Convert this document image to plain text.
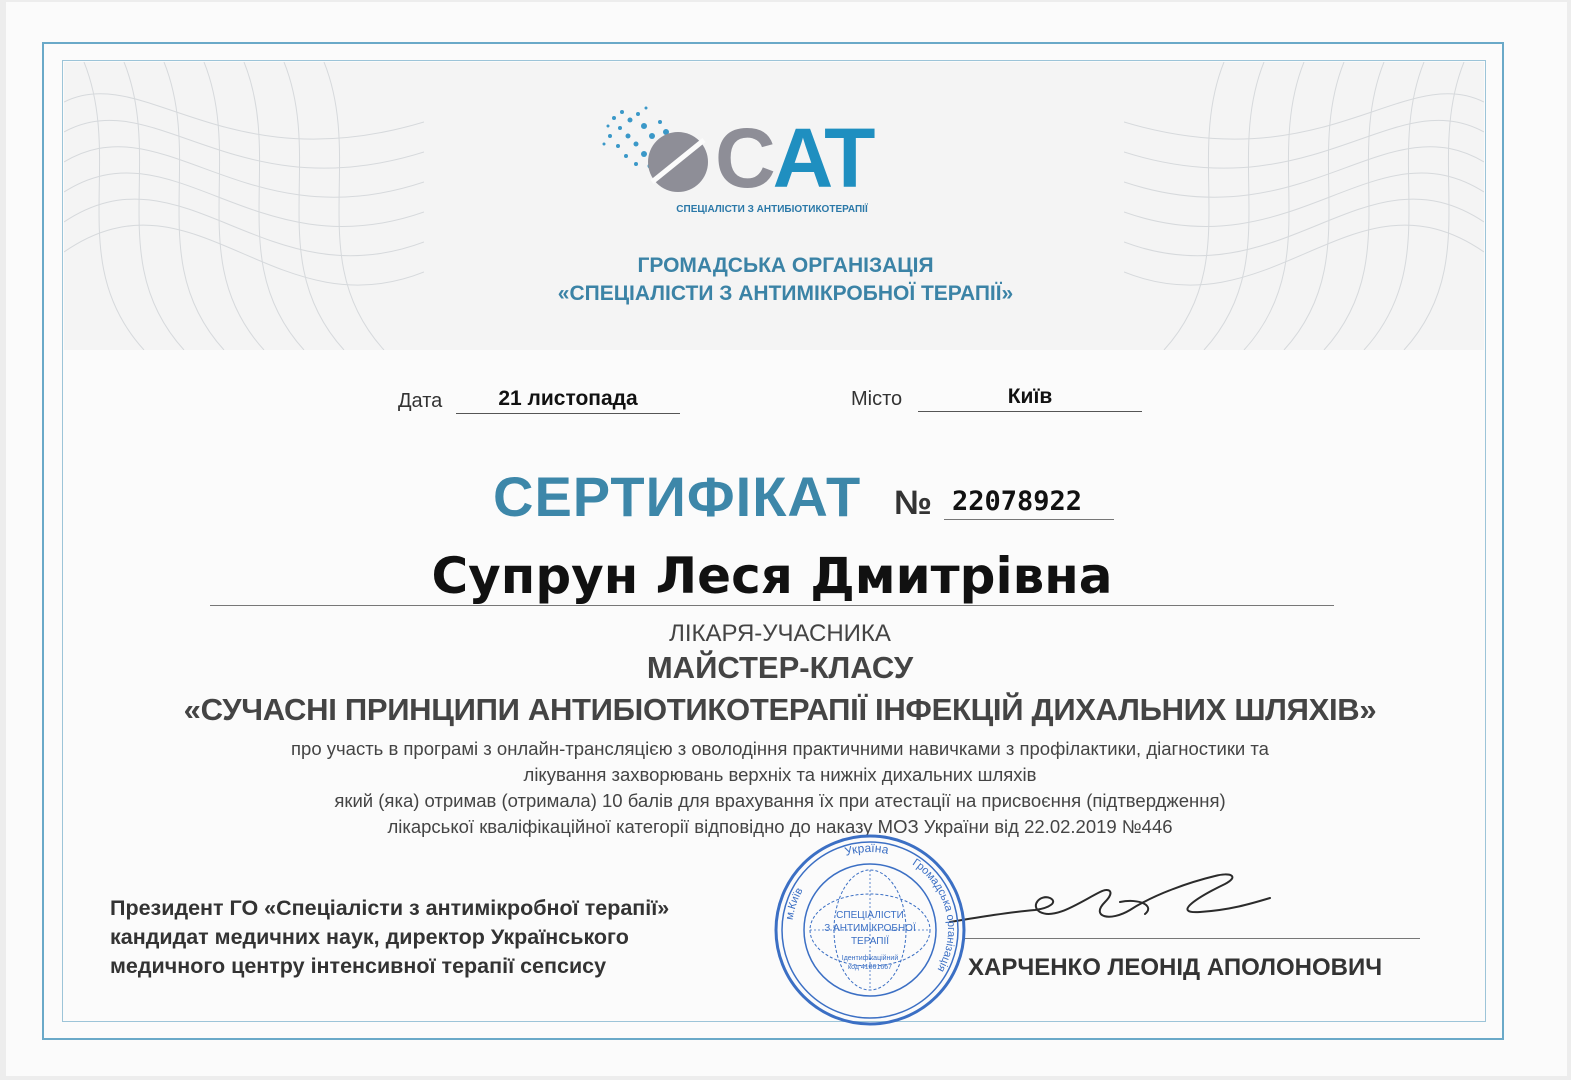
CAT
СПЕЦІАЛІСТИ З АНТИБІОТИКОТЕРАПІЇ
ГРОМАДСЬКА ОРГАНІЗАЦІЯ
«СПЕЦІАЛІСТИ З АНТИМІКРОБНОЇ ТЕРАПІЇ»
Дата	21 листопада	Місто	Київ
СЕРТИФІКАТ № 22078922
Супрун Леся Дмитрівна
ЛІКАРЯ-УЧАСНИКА
МАЙСТЕР-КЛАСУ
«СУЧАСНІ ПРИНЦИПИ АНТИБІОТИКОТЕРАПІЇ ІНФЕКЦІЙ ДИХАЛЬНИХ ШЛЯХІВ»
про участь в програмі з онлайн-трансляцією з оволодіння практичними навичками з профілактики, діагностики та
лікування захворювань верхніх та нижніх дихальних шляхів
який (яка) отримав (отримала) 10 балів для врахування їх при атестації на присвоєння (підтвердження)
лікарської кваліфікаційної категорії відповідно до наказу МОЗ України від 22.02.2019 №446
Президент ГО «Спеціалісти з антимікробної терапії»
кандидат медичних наук, директор Українського
медичного центру інтенсивної терапії сепсису
Україна
м.Київ
Громадська організація
СПЕЦІАЛІСТИ
З АНТИМІКРОБНОЇ
ТЕРАПІЇ
Ідентифікаційний
код 41061667	ХАРЧЕНКО ЛЕОНІД АПОЛОНОВИЧ
